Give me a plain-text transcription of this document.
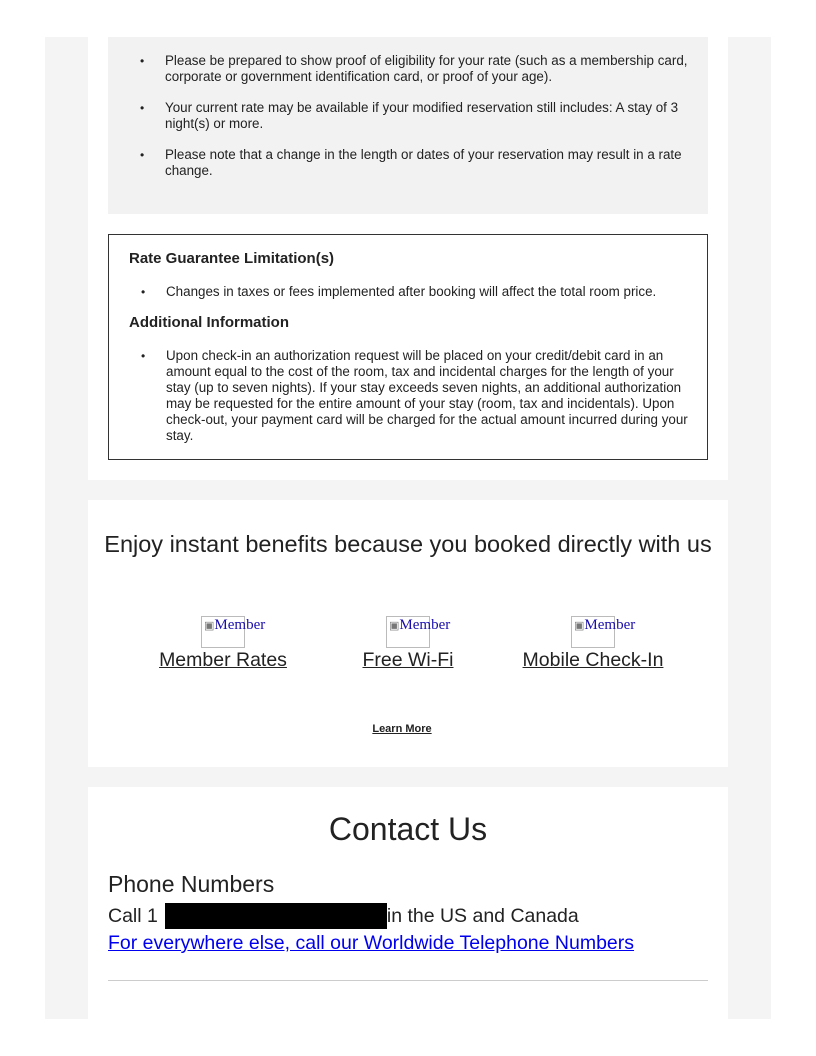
• Please be prepared to show proof of eligibility for your rate (such as a membership card, corporate or government identification card, or proof of your age).
• Your current rate may be available if your modified reservation still includes: A stay of 3 night(s) or more.
• Please note that a change in the length or dates of your reservation may result in a rate change.
Rate Guarantee Limitation(s)
• Changes in taxes or fees implemented after booking will affect the total room price.
Additional Information
• Upon check-in an authorization request will be placed on your credit/debit card in an amount equal to the cost of the room, tax and incidental charges for the length of your stay (up to seven nights). If your stay exceeds seven nights, an additional authorization may be requested for the entire amount of your stay (room, tax and incidentals). Upon check-out, your payment card will be charged for the actual amount incurred during your stay.
Enjoy instant benefits because you booked directly with us
▣Member
Member Rates
▣Member
Free Wi-Fi
▣Member
Mobile Check-In
Learn More
Contact Us
Phone Numbers
Call 1	in the US and Canada
For everywhere else, call our Worldwide Telephone Numbers
